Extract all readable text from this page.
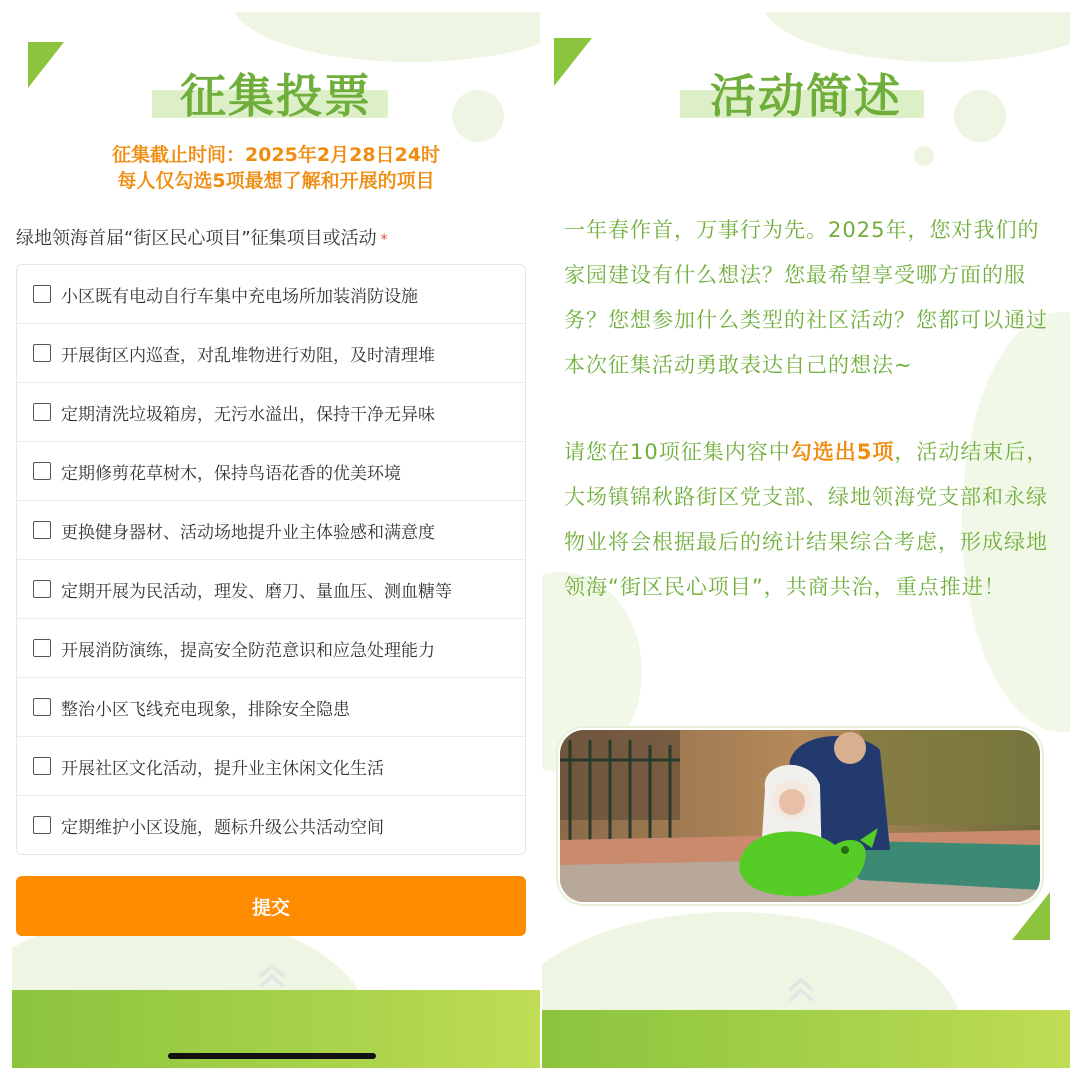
征集投票
征集截止时间：2025年2月28日24时
每人仅勾选5项最想了解和开展的项目
绿地领海首届“街区民心项目”征集项目或活动 *
小区既有电动自行车集中充电场所加装消防设施
开展街区内巡查，对乱堆物进行劝阻，及时清理堆
定期清洗垃圾箱房，无污水溢出，保持干净无异味
定期修剪花草树木，保持鸟语花香的优美环境
更换健身器材、活动场地提升业主体验感和满意度
定期开展为民活动，理发、磨刀、量血压、测血糖等
开展消防演练，提高安全防范意识和应急处理能力
整治小区飞线充电现象，排除安全隐患
开展社区文化活动，提升业主休闲文化生活
定期维护小区设施，题标升级公共活动空间
提交
活动简述
一年春作首，万事行为先。2025年，您对我们的家园建设有什么想法？您最希望享受哪方面的服务？您想参加什么类型的社区活动？您都可以通过本次征集活动勇敢表达自己的想法~
请您在10项征集内容中勾选出5项，活动结束后，大场镇锦秋路街区党支部、绿地领海党支部和永绿物业将会根据最后的统计结果综合考虑，形成绿地领海“街区民心项目”，共商共治，重点推进！
